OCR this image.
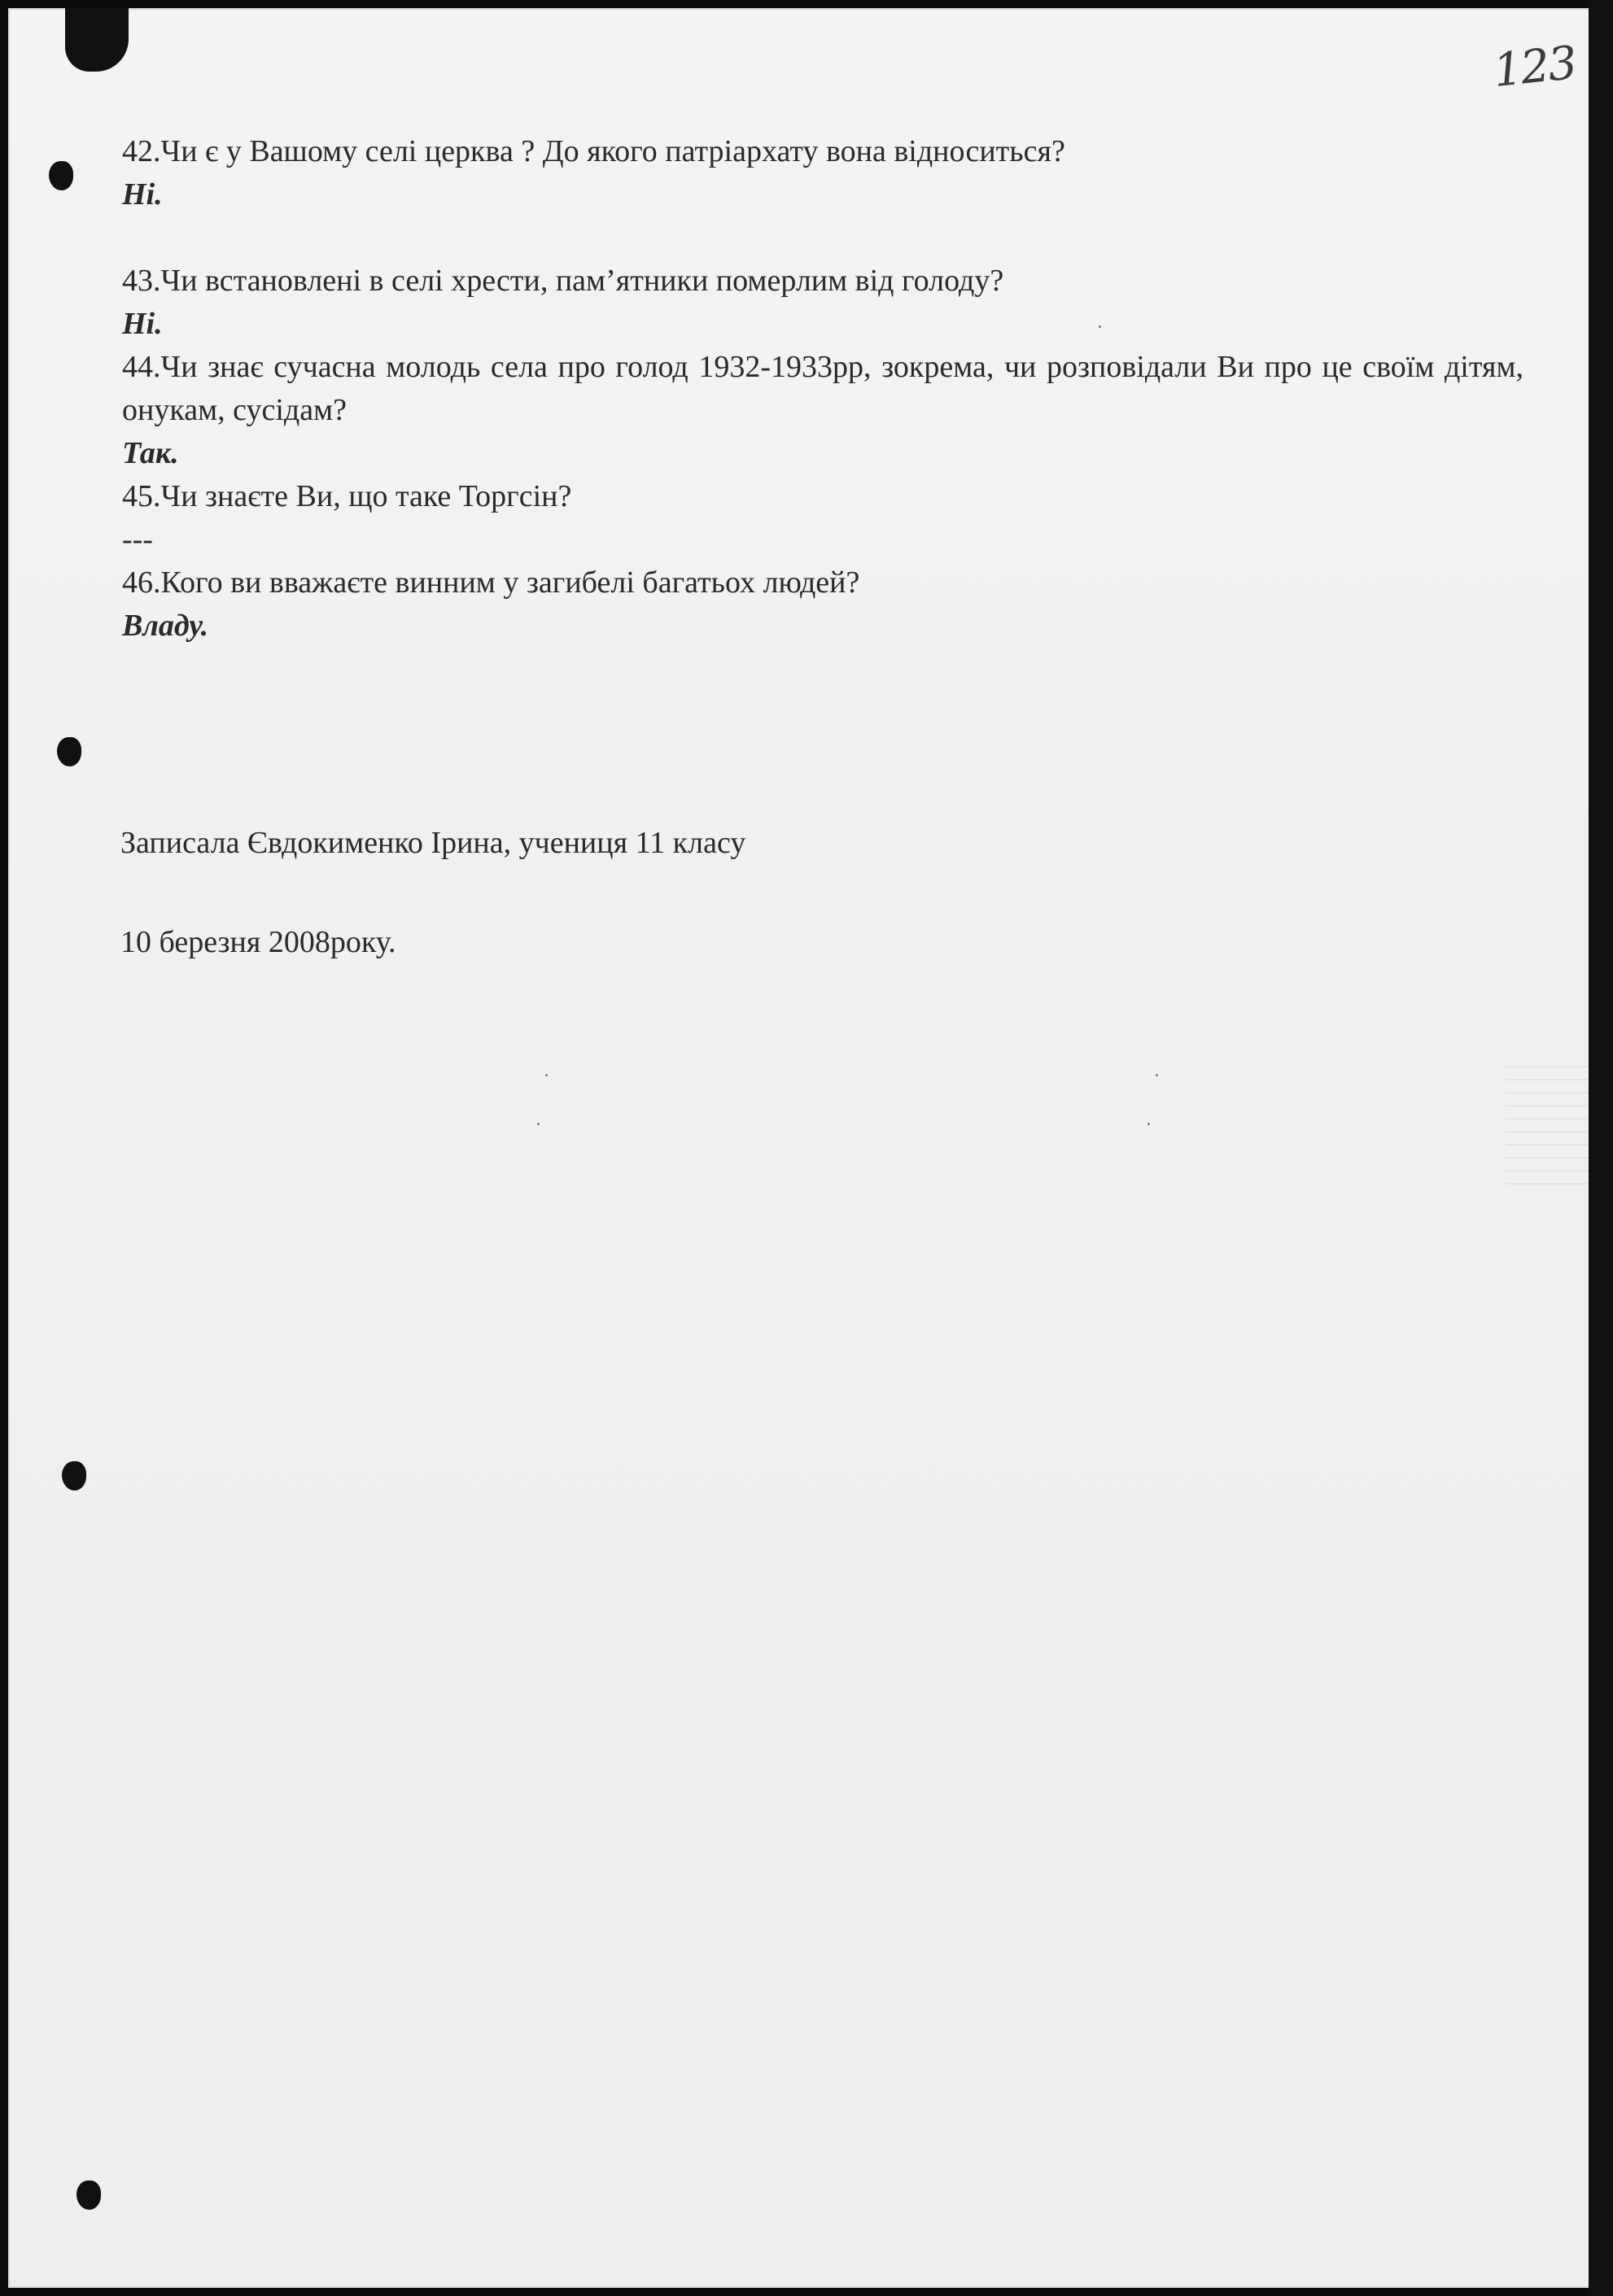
123

42.Чи є у Вашому селі церква ? До якого патріархату вона відноситься?

Ні.

43.Чи встановлені в селі хрести, пам’ятники померлим від голоду?

Ні.

44.Чи знає сучасна молодь села про голод 1932-1933рр, зокрема, чи розповідали Ви про це своїм дітям, онукам, сусідам?

Так.

45.Чи знаєте Ви, що таке Торгсін?

---

46.Кого ви вважаєте винним у загибелі багатьох людей?

Владу.

Записала Євдокименко Ірина, учениця 11 класу
10 березня 2008року.
